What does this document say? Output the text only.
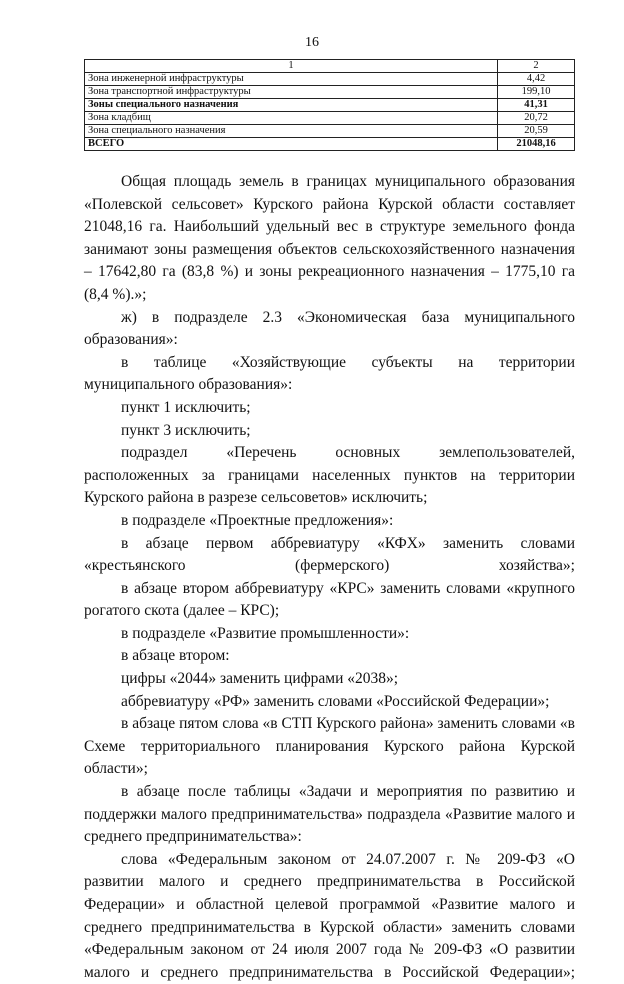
16
1	2
Зона инженерной инфраструктуры	4,42
Зона транспортной инфраструктуры	199,10
Зоны специального назначения	41,31
Зона кладбищ	20,72
Зона специального назначения	20,59
ВСЕГО	21048,16

Общая площадь земель в границах муниципального образования «Полевской сельсовет» Курского района Курской области составляет 21048,16 га. Наибольший удельный вес в структуре земельного фонда занимают зоны размещения объектов сельскохозяйственного назначения – 17642,80 га (83,8 %) и зоны рекреационного назначения – 1775,10 га (8,4 %).»;

ж) в подразделе 2.3 «Экономическая база муниципального образования»:

в таблице «Хозяйствующие субъекты на территории муниципального образования»:

пункт 1 исключить;

пункт 3 исключить;

подраздел «Перечень основных землепользователей, расположенных за границами населенных пунктов на территории Курского района в разрезе сельсоветов» исключить;

в подразделе «Проектные предложения»:

в абзаце первом аббревиатуру «КФХ» заменить словами «крестьянского (фермерского) хозяйства»;

в абзаце втором аббревиатуру «КРС» заменить словами «крупного рогатого скота (далее – КРС);

в подразделе «Развитие промышленности»:

в абзаце втором:

цифры «2044» заменить цифрами «2038»;

аббревиатуру «РФ» заменить словами «Российской Федерации»;

в абзаце пятом слова «в СТП Курского района» заменить словами «в Схеме территориального планирования Курского района Курской области»;

в абзаце после таблицы «Задачи и мероприятия по развитию и поддержки малого предпринимательства» подраздела «Развитие малого и среднего предпринимательства»:

слова «Федеральным законом от 24.07.2007 г. № 209-ФЗ «О развитии малого и среднего предпринимательства в Российской Федерации» и областной целевой программой «Развитие малого и среднего предпринимательства в Курской области» заменить словами «Федеральным законом от 24 июля 2007 года № 209-ФЗ «О развитии малого и среднего предпринимательства в Российской Федерации»;
